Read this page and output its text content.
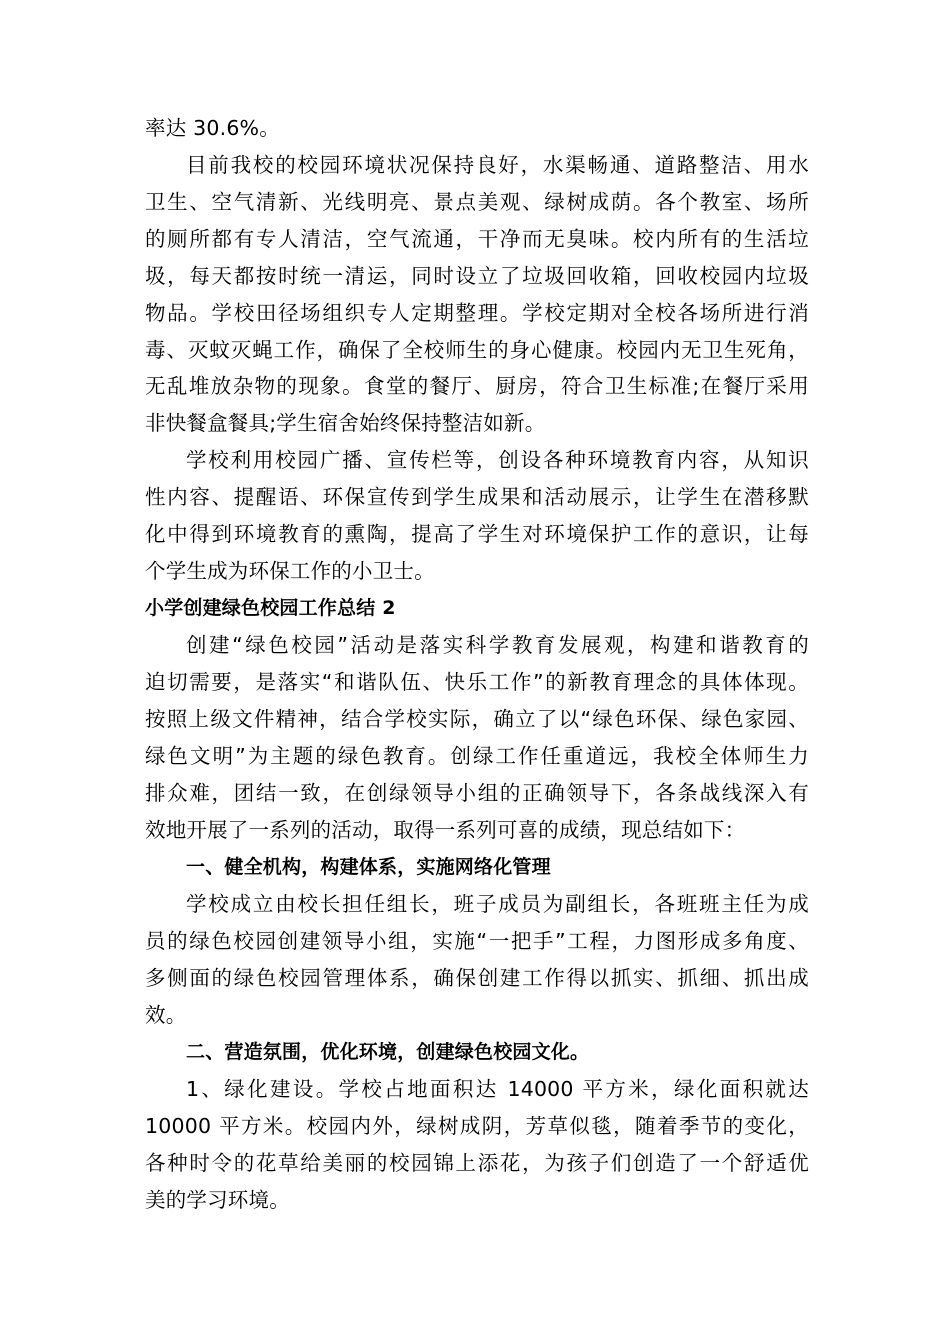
率达 30.6%。
目前我校的校园环境状况保持良好，水渠畅通、道路整洁、用水
卫生、空气清新、光线明亮、景点美观、绿树成荫。各个教室、场所
的厕所都有专人清洁，空气流通，干净而无臭味。校内所有的生活垃
圾，每天都按时统一清运，同时设立了垃圾回收箱，回收校园内垃圾
物品。学校田径场组织专人定期整理。学校定期对全校各场所进行消
毒、灭蚊灭蝇工作，确保了全校师生的身心健康。校园内无卫生死角，
无乱堆放杂物的现象。食堂的餐厅、厨房，符合卫生标准;在餐厅采用
非快餐盒餐具;学生宿舍始终保持整洁如新。
学校利用校园广播、宣传栏等，创设各种环境教育内容，从知识
性内容、提醒语、环保宣传到学生成果和活动展示，让学生在潜移默
化中得到环境教育的熏陶，提高了学生对环境保护工作的意识，让每
个学生成为环保工作的小卫士。
小学创建绿色校园工作总结 2
创建“绿色校园”活动是落实科学教育发展观，构建和谐教育的
迫切需要，是落实“和谐队伍、快乐工作”的新教育理念的具体体现。
按照上级文件精神，结合学校实际，确立了以“绿色环保、绿色家园、
绿色文明”为主题的绿色教育。创绿工作任重道远，我校全体师生力
排众难，团结一致，在创绿领导小组的正确领导下，各条战线深入有
效地开展了一系列的活动，取得一系列可喜的成绩，现总结如下：
一、健全机构，构建体系，实施网络化管理
学校成立由校长担任组长，班子成员为副组长，各班班主任为成
员的绿色校园创建领导小组，实施“一把手”工程，力图形成多角度、
多侧面的绿色校园管理体系，确保创建工作得以抓实、抓细、抓出成
效。
二、营造氛围，优化环境，创建绿色校园文化。
1、绿化建设。学校占地面积达 14000 平方米，绿化面积就达
10000 平方米。校园内外，绿树成阴，芳草似毯，随着季节的变化，
各种时令的花草给美丽的校园锦上添花，为孩子们创造了一个舒适优
美的学习环境。
